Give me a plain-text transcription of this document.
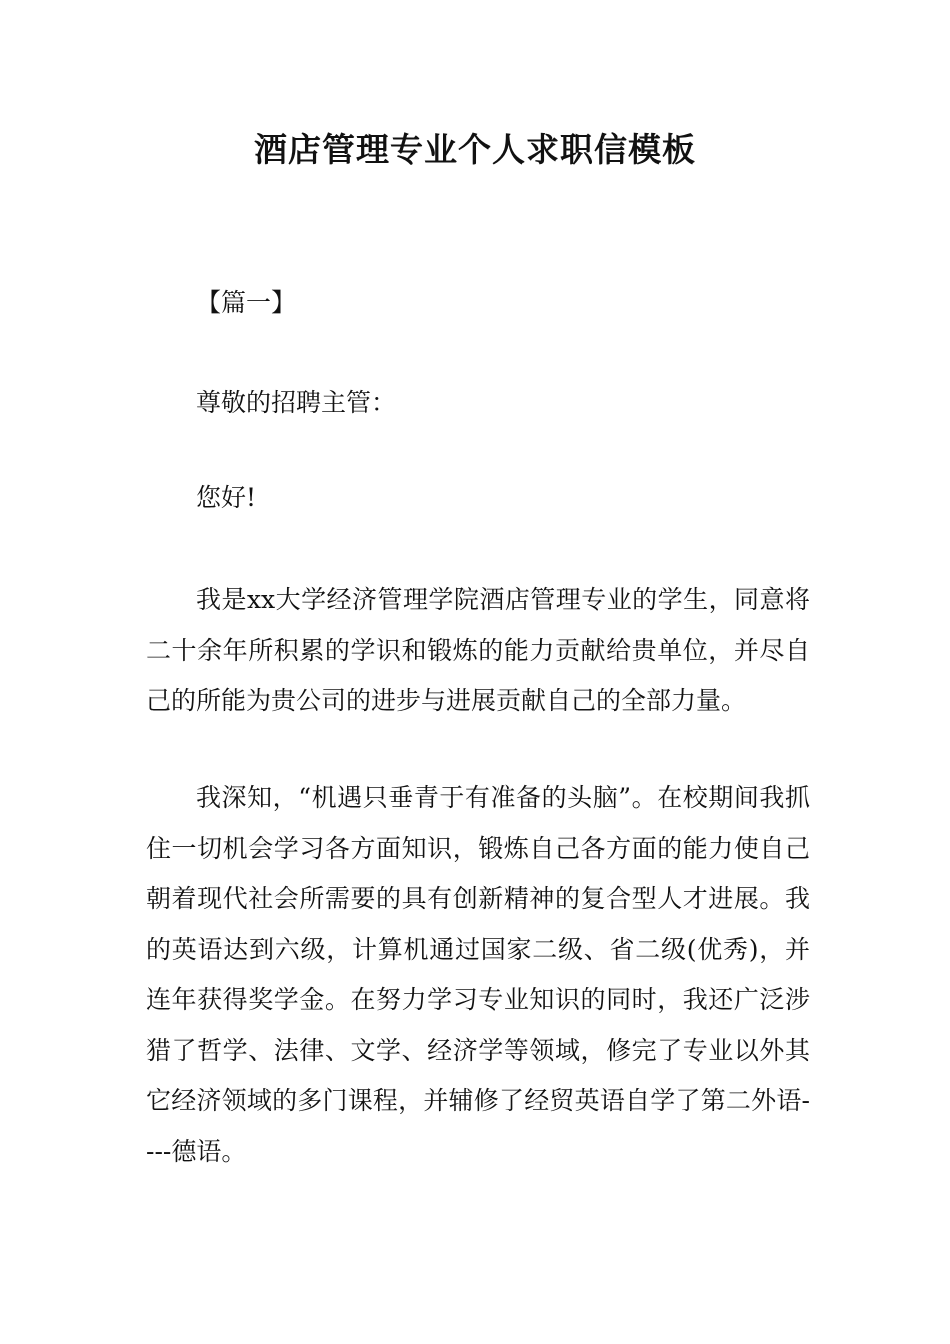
酒店管理专业个人求职信模板

【篇一】

尊敬的招聘主管：

您好!

我是xx大学经济管理学院酒店管理专业的学生，同意将二十余年所积累的学识和锻炼的能力贡献给贵单位，并尽自己的所能为贵公司的进步与进展贡献自己的全部力量。

我深知，“机遇只垂青于有准备的头脑”。在校期间我抓住一切机会学习各方面知识，锻炼自己各方面的能力使自己朝着现代社会所需要的具有创新精神的复合型人才进展。我的英语达到六级，计算机通过国家二级、省二级(优秀)，并连年获得奖学金。在努力学习专业知识的同时，我还广泛涉猎了哲学、法律、文学、经济学等领域，修完了专业以外其它经济领域的多门课程，并辅修了经贸英语自学了第二外语----德语。
